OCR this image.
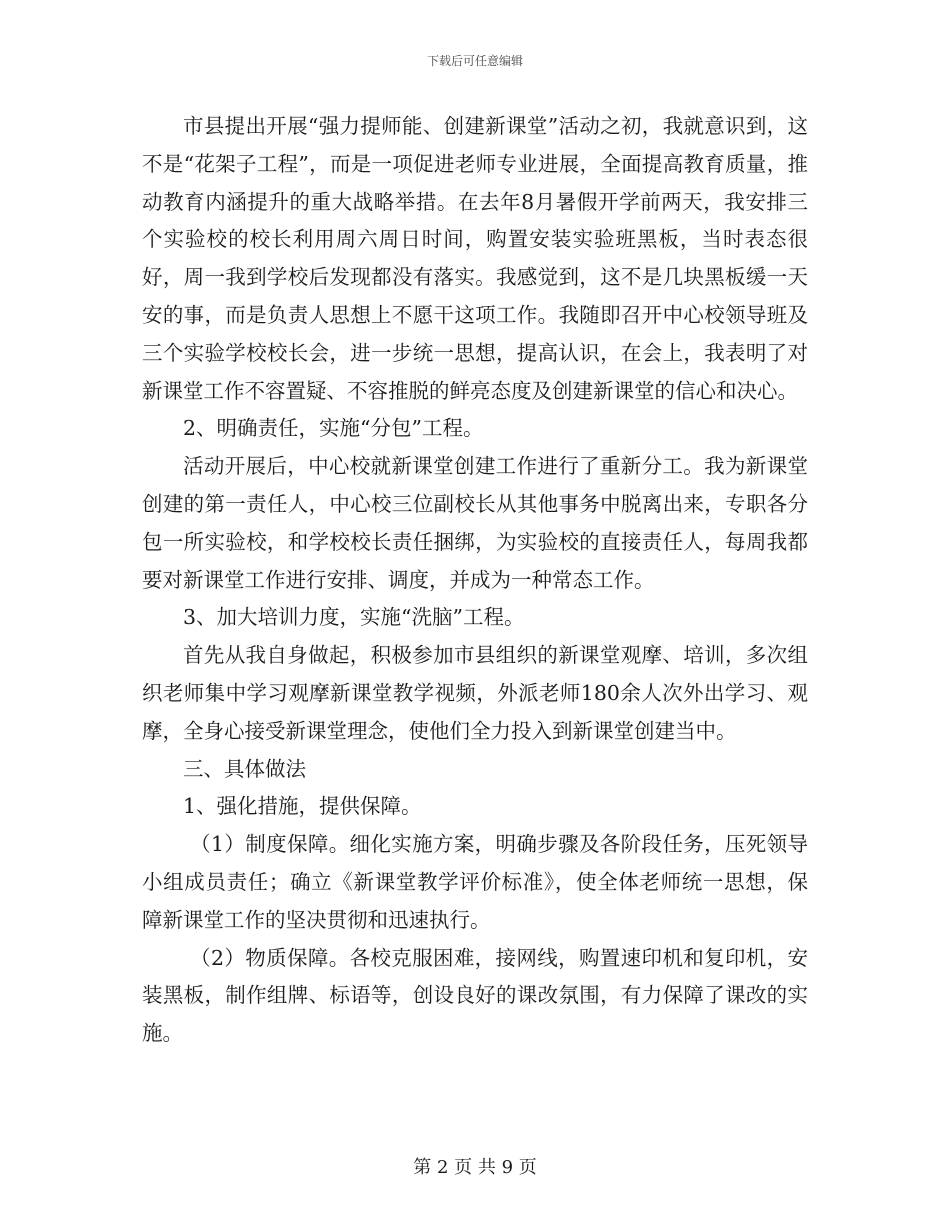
下载后可任意编辑

市县提出开展“强力提师能、创建新课堂”活动之初，我就意识到，这不是“花架子工程”，而是一项促进老师专业进展，全面提高教育质量，推动教育内涵提升的重大战略举措。在去年8月暑假开学前两天，我安排三个实验校的校长利用周六周日时间，购置安装实验班黑板，当时表态很好，周一我到学校后发现都没有落实。我感觉到，这不是几块黑板缓一天安的事，而是负责人思想上不愿干这项工作。我随即召开中心校领导班及三个实验学校校长会，进一步统一思想，提高认识，在会上，我表明了对新课堂工作不容置疑、不容推脱的鲜亮态度及创建新课堂的信心和决心。

2、明确责任，实施“分包”工程。

活动开展后，中心校就新课堂创建工作进行了重新分工。我为新课堂创建的第一责任人，中心校三位副校长从其他事务中脱离出来，专职各分包一所实验校，和学校校长责任捆绑，为实验校的直接责任人，每周我都要对新课堂工作进行安排、调度，并成为一种常态工作。

3、加大培训力度，实施“洗脑”工程。

首先从我自身做起，积极参加市县组织的新课堂观摩、培训，多次组织老师集中学习观摩新课堂教学视频，外派老师180余人次外出学习、观摩，全身心接受新课堂理念，使他们全力投入到新课堂创建当中。

三、具体做法

1、强化措施，提供保障。

（1）制度保障。细化实施方案，明确步骤及各阶段任务，压死领导小组成员责任；确立《新课堂教学评价标准》，使全体老师统一思想，保障新课堂工作的坚决贯彻和迅速执行。

（2）物质保障。各校克服困难，接网线，购置速印机和复印机，安装黑板，制作组牌、标语等，创设良好的课改氛围，有力保障了课改的实施。

第 2 页 共 9 页
